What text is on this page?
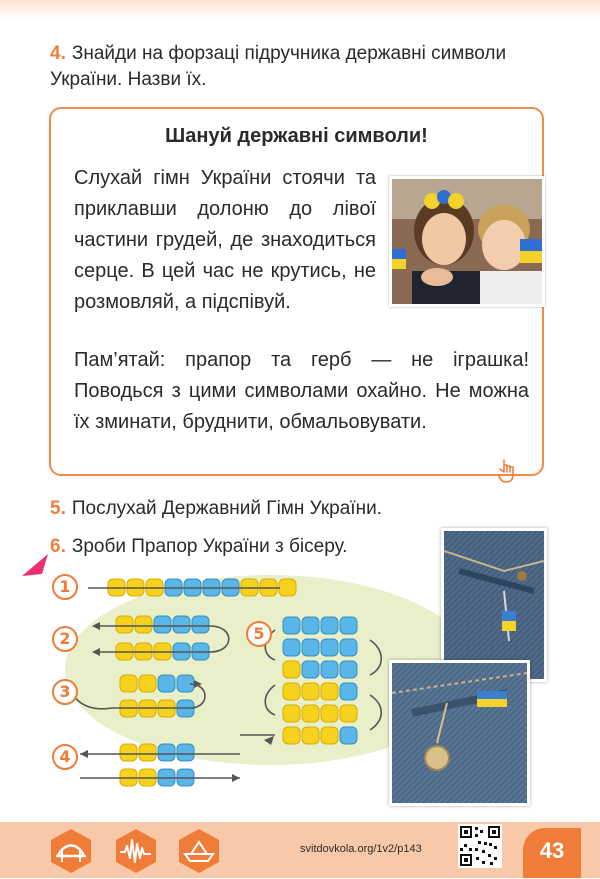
4. Знайди на форзаці підручника державні символи України. Назви їх.
Шануй державні символи!
Слухай гімн України стоячи та приклавши долоню до лівої частини грудей, де знаходиться серце. В цей час не крутись, не розмовляй, а підспівуй.
Пам’ятай: прапор та герб — не іграшка! Поводься з цими символами охайно. Не можна їх зминати, бруднити, обмальовувати.
5. Послухай Державний Гімн України.
6. Зроби Прапор України з бісеру.
1
2
3
4
5
svitdovkola.org/1v2/p143	43
